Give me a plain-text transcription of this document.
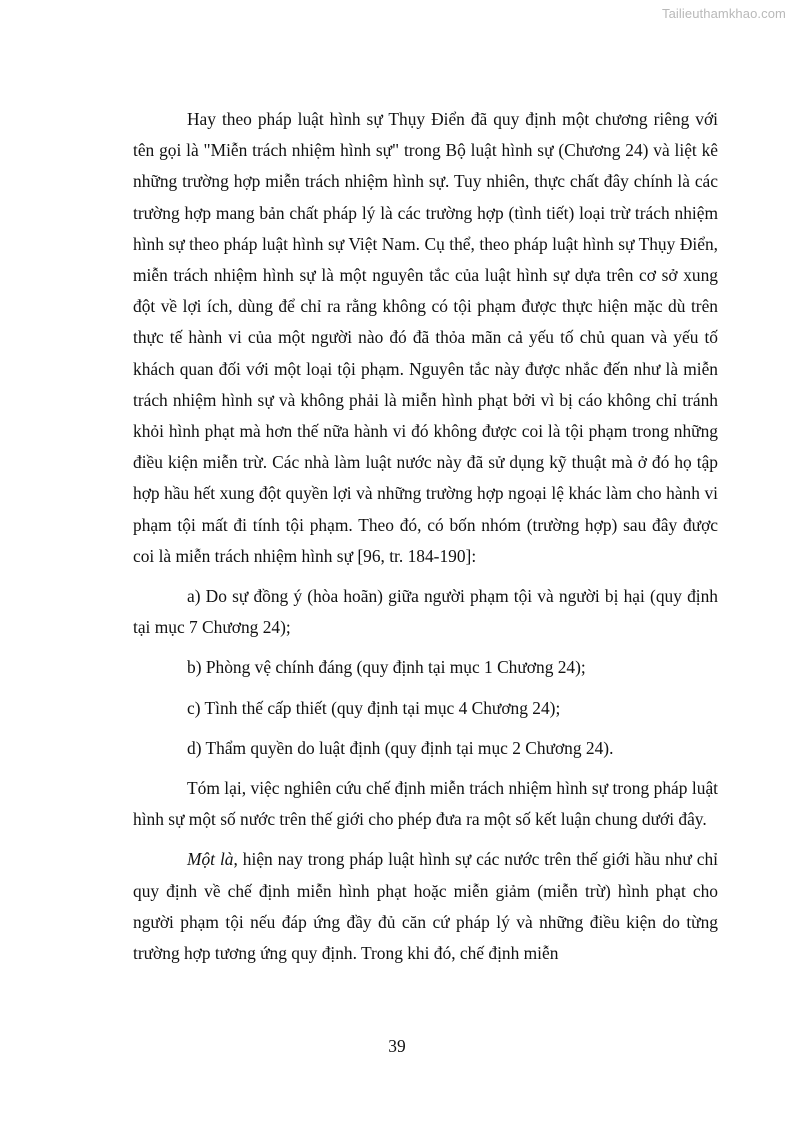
Tailieuthamkhao.com

Hay theo pháp luật hình sự Thụy Điển đã quy định một chương riêng với tên gọi là "Miễn trách nhiệm hình sự" trong Bộ luật hình sự (Chương 24) và liệt kê những trường hợp miễn trách nhiệm hình sự. Tuy nhiên, thực chất đây chính là các trường hợp mang bản chất pháp lý là các trường hợp (tình tiết) loại trừ trách nhiệm hình sự theo pháp luật hình sự Việt Nam. Cụ thể, theo pháp luật hình sự Thụy Điển, miễn trách nhiệm hình sự là một nguyên tắc của luật hình sự dựa trên cơ sở xung đột về lợi ích, dùng để chỉ ra rằng không có tội phạm được thực hiện mặc dù trên thực tế hành vi của một người nào đó đã thỏa mãn cả yếu tố chủ quan và yếu tố khách quan đối với một loại tội phạm. Nguyên tắc này được nhắc đến như là miễn trách nhiệm hình sự và không phải là miễn hình phạt bởi vì bị cáo không chỉ tránh khỏi hình phạt mà hơn thế nữa hành vi đó không được coi là tội phạm trong những điều kiện miễn trừ. Các nhà làm luật nước này đã sử dụng kỹ thuật mà ở đó họ tập hợp hầu hết xung đột quyền lợi và những trường hợp ngoại lệ khác làm cho hành vi phạm tội mất đi tính tội phạm. Theo đó, có bốn nhóm (trường hợp) sau đây được coi là miễn trách nhiệm hình sự [96, tr. 184-190]:

a) Do sự đồng ý (hòa hoãn) giữa người phạm tội và người bị hại (quy định tại mục 7 Chương 24);

b) Phòng vệ chính đáng (quy định tại mục 1 Chương 24);

c) Tình thế cấp thiết (quy định tại mục 4 Chương 24);

d) Thẩm quyền do luật định (quy định tại mục 2 Chương 24).

Tóm lại, việc nghiên cứu chế định miễn trách nhiệm hình sự trong pháp luật hình sự một số nước trên thế giới cho phép đưa ra một số kết luận chung dưới đây.

Một là, hiện nay trong pháp luật hình sự các nước trên thế giới hầu như chỉ quy định về chế định miễn hình phạt hoặc miễn giảm (miễn trừ) hình phạt cho người phạm tội nếu đáp ứng đầy đủ căn cứ pháp lý và những điều kiện do từng trường hợp tương ứng quy định. Trong khi đó, chế định miễn

39
